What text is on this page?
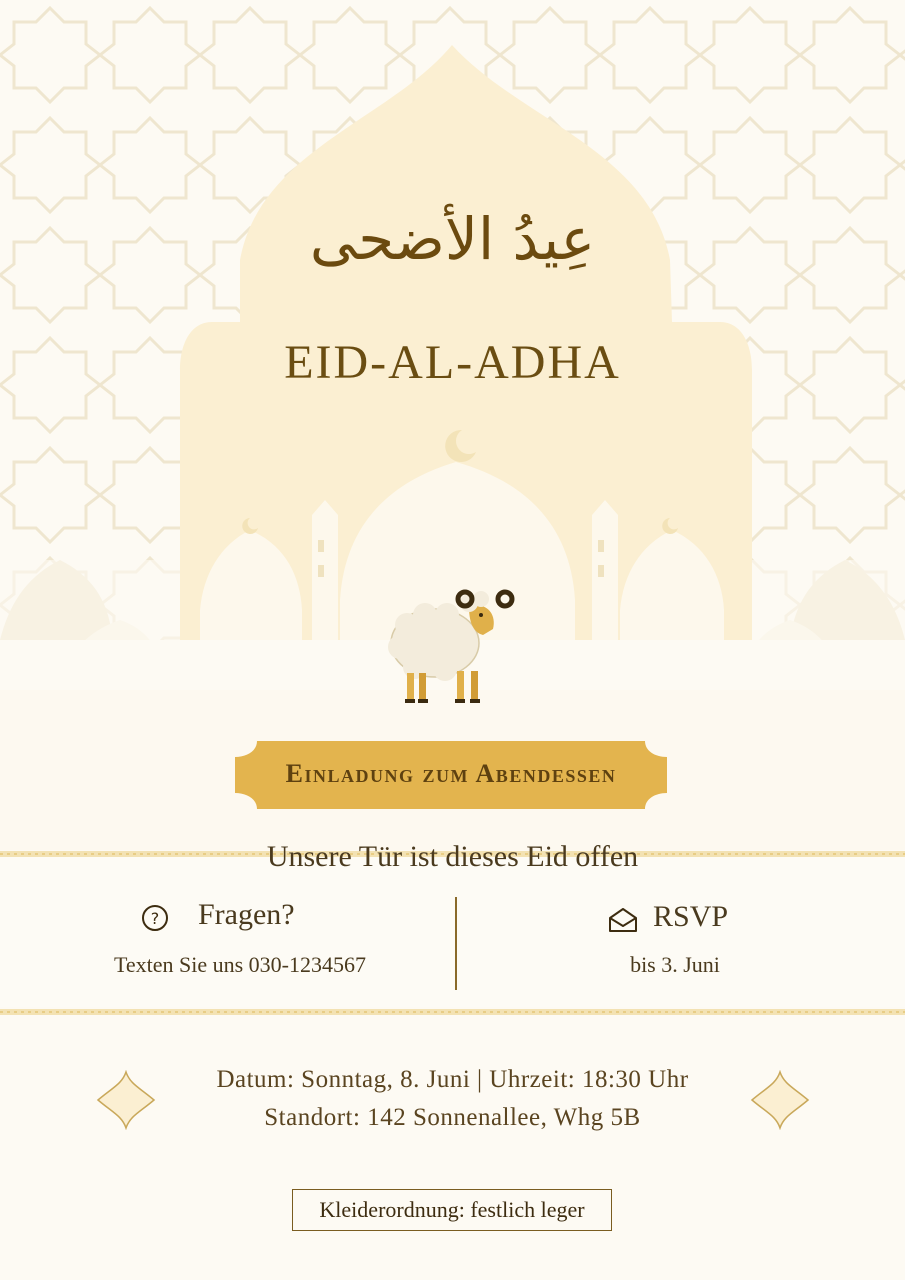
عِيدُ الأضحى
EID-AL-ADHA
Einladung zum Abendessen
Unsere Tür ist dieses Eid offen
? Fragen?
Texten Sie uns 030-1234567
RSVP
bis 3. Juni
Datum: Sonntag, 8. Juni | Uhrzeit: 18:30 Uhr
Standort: 142 Sonnenallee, Whg 5B
Kleiderordnung: festlich leger
